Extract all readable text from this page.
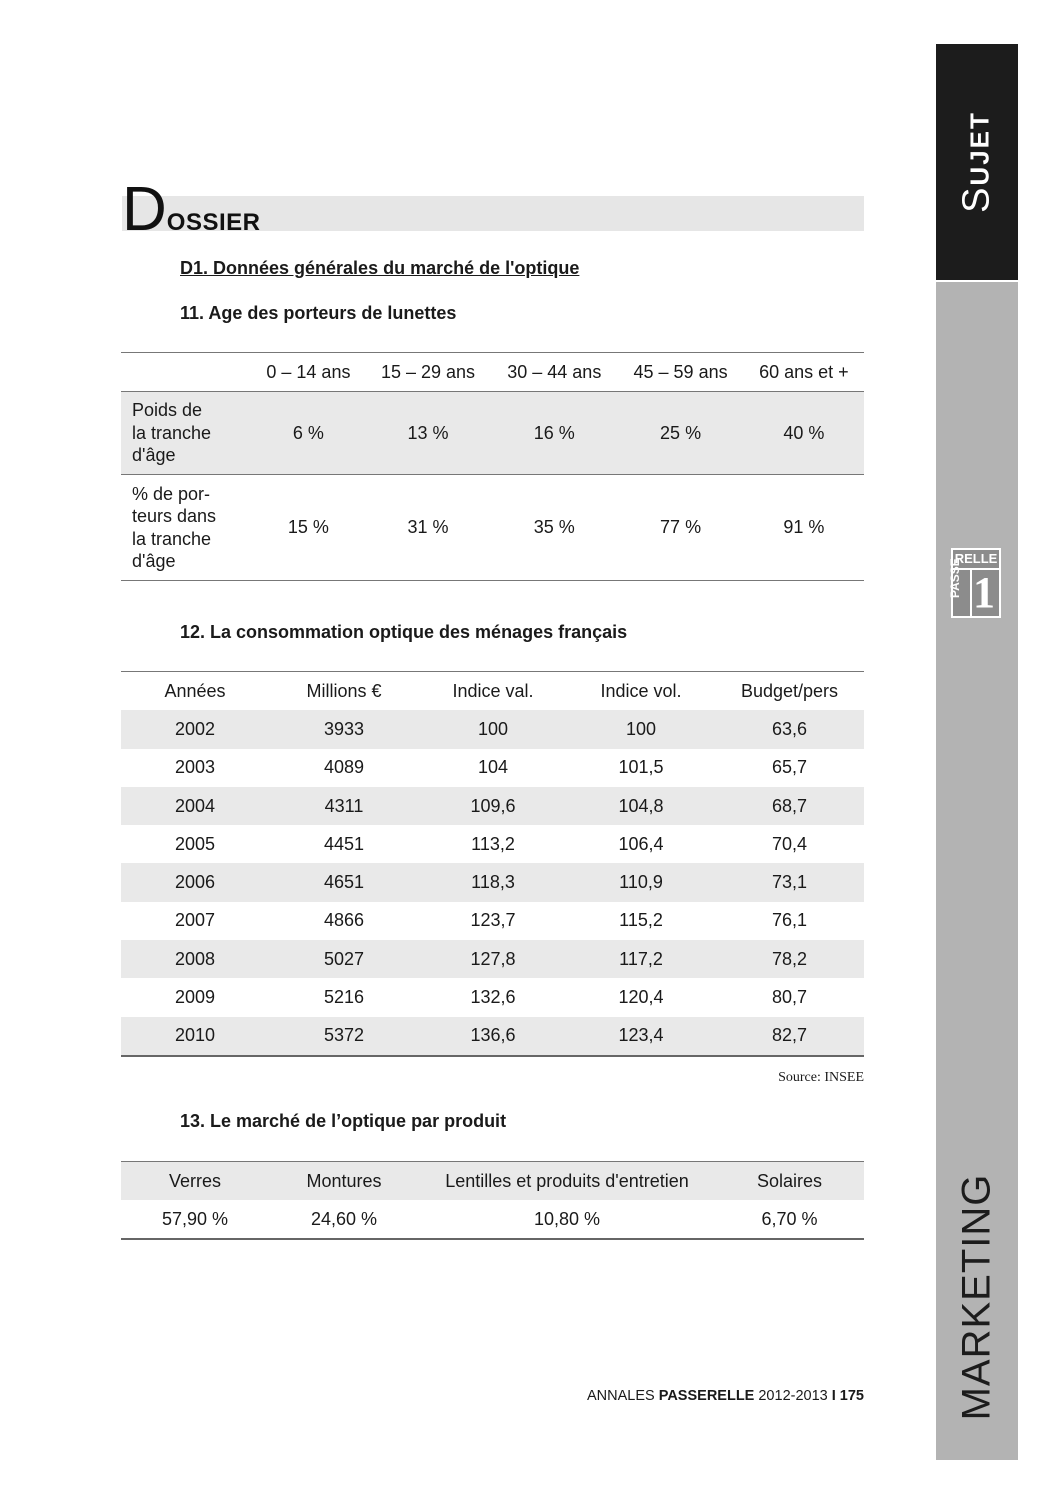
SUJET
RELLE
PASSE 1
MARKETING
DOSSIER
D1. Données générales du marché de l'optique
11. Age des porteurs de lunettes
	0 – 14 ans	15 – 29 ans	30 – 44 ans	45 – 59 ans	60 ans et +
Poids de
la tranche
d'âge	6 %	13 %	16 %	25 %	40 %
% de por-
teurs dans
la tranche
d'âge	15 %	31 %	35 %	77 %	91 %
12. La consommation optique des ménages français
Années	Millions €	Indice val.	Indice vol.	Budget/pers
2002	3933	100	100	63,6
2003	4089	104	101,5	65,7
2004	4311	109,6	104,8	68,7
2005	4451	113,2	106,4	70,4
2006	4651	118,3	110,9	73,1
2007	4866	123,7	115,2	76,1
2008	5027	127,8	117,2	78,2
2009	5216	132,6	120,4	80,7
2010	5372	136,6	123,4	82,7
Source: INSEE
13. Le marché de l’optique par produit
Verres	Montures	Lentilles et produits d'entretien	Solaires
57,90 %	24,60 %	10,80 %	6,70 %
ANNALES PASSERELLE 2012-2013 I 175
